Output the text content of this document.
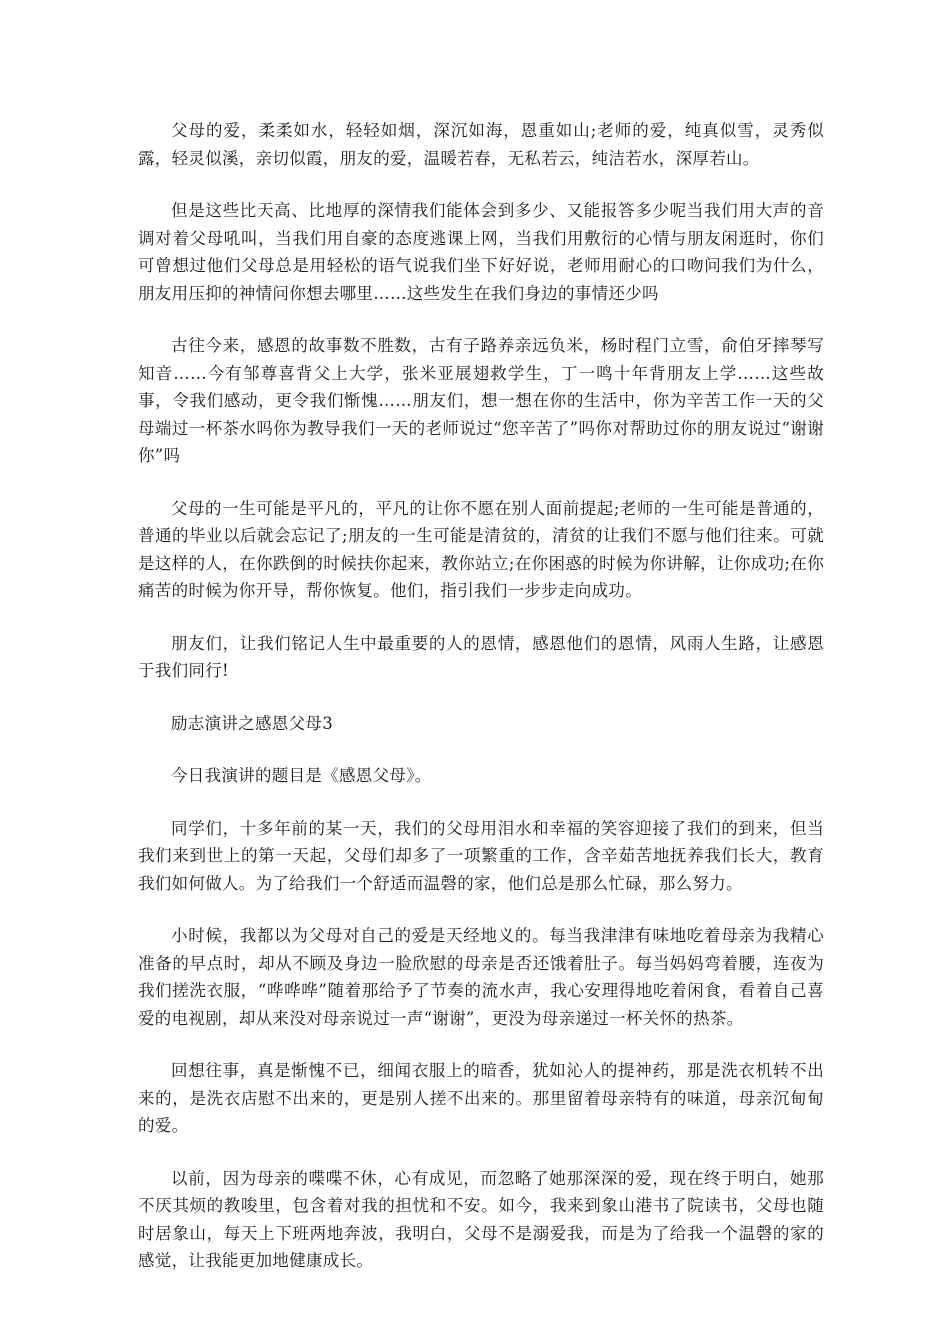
父母的爱，柔柔如水，轻轻如烟，深沉如海，恩重如山;老师的爱，纯真似雪，灵秀似露，轻灵似溪，亲切似霞，朋友的爱，温暖若春，无私若云，纯洁若水，深厚若山。

但是这些比天高、比地厚的深情我们能体会到多少、又能报答多少呢当我们用大声的音调对着父母吼叫，当我们用自豪的态度逃课上网，当我们用敷衍的心情与朋友闲逛时，你们可曾想过他们父母总是用轻松的语气说我们坐下好好说，老师用耐心的口吻问我们为什么，朋友用压抑的神情问你想去哪里……这些发生在我们身边的事情还少吗

古往今来，感恩的故事数不胜数，古有子路养亲远负米，杨时程门立雪，俞伯牙摔琴写知音……今有邹尊喜背父上大学，张米亚展翅救学生，丁一鸣十年背朋友上学……这些故事，令我们感动，更令我们惭愧……朋友们，想一想在你的生活中，你为辛苦工作一天的父母端过一杯茶水吗你为教导我们一天的老师说过“您辛苦了”吗你对帮助过你的朋友说过“谢谢你”吗

父母的一生可能是平凡的，平凡的让你不愿在别人面前提起;老师的一生可能是普通的，普通的毕业以后就会忘记了;朋友的一生可能是清贫的，清贫的让我们不愿与他们往来。可就是这样的人，在你跌倒的时候扶你起来，教你站立;在你困惑的时候为你讲解，让你成功;在你痛苦的时候为你开导，帮你恢复。他们，指引我们一步步走向成功。

朋友们，让我们铭记人生中最重要的人的恩情，感恩他们的恩情，风雨人生路，让感恩于我们同行!

励志演讲之感恩父母3

今日我演讲的题目是《感恩父母》。

同学们，十多年前的某一天，我们的父母用泪水和幸福的笑容迎接了我们的到来，但当我们来到世上的第一天起，父母们却多了一项繁重的工作，含辛茹苦地抚养我们长大，教育我们如何做人。为了给我们一个舒适而温磬的家，他们总是那么忙碌，那么努力。

小时候，我都以为父母对自己的爱是天经地义的。每当我津津有味地吃着母亲为我精心准备的早点时，却从不顾及身边一脸欣慰的母亲是否还饿着肚子。每当妈妈弯着腰，连夜为我们搓洗衣服，“哗哗哗”随着那给予了节奏的流水声，我心安理得地吃着闲食，看着自己喜爱的电视剧，却从来没对母亲说过一声“谢谢”，更没为母亲递过一杯关怀的热茶。

回想往事，真是惭愧不已，细闻衣服上的暗香，犹如沁人的提神药，那是洗衣机转不出来的，是洗衣店慰不出来的，更是别人搓不出来的。那里留着母亲特有的味道，母亲沉甸甸的爱。

以前，因为母亲的喋喋不休，心有成见，而忽略了她那深深的爱，现在终于明白，她那不厌其烦的教唆里，包含着对我的担忧和不安。如今，我来到象山港书了院读书，父母也随时居象山，每天上下班两地奔波，我明白，父母不是溺爱我，而是为了给我一个温磬的家的感觉，让我能更加地健康成长。
